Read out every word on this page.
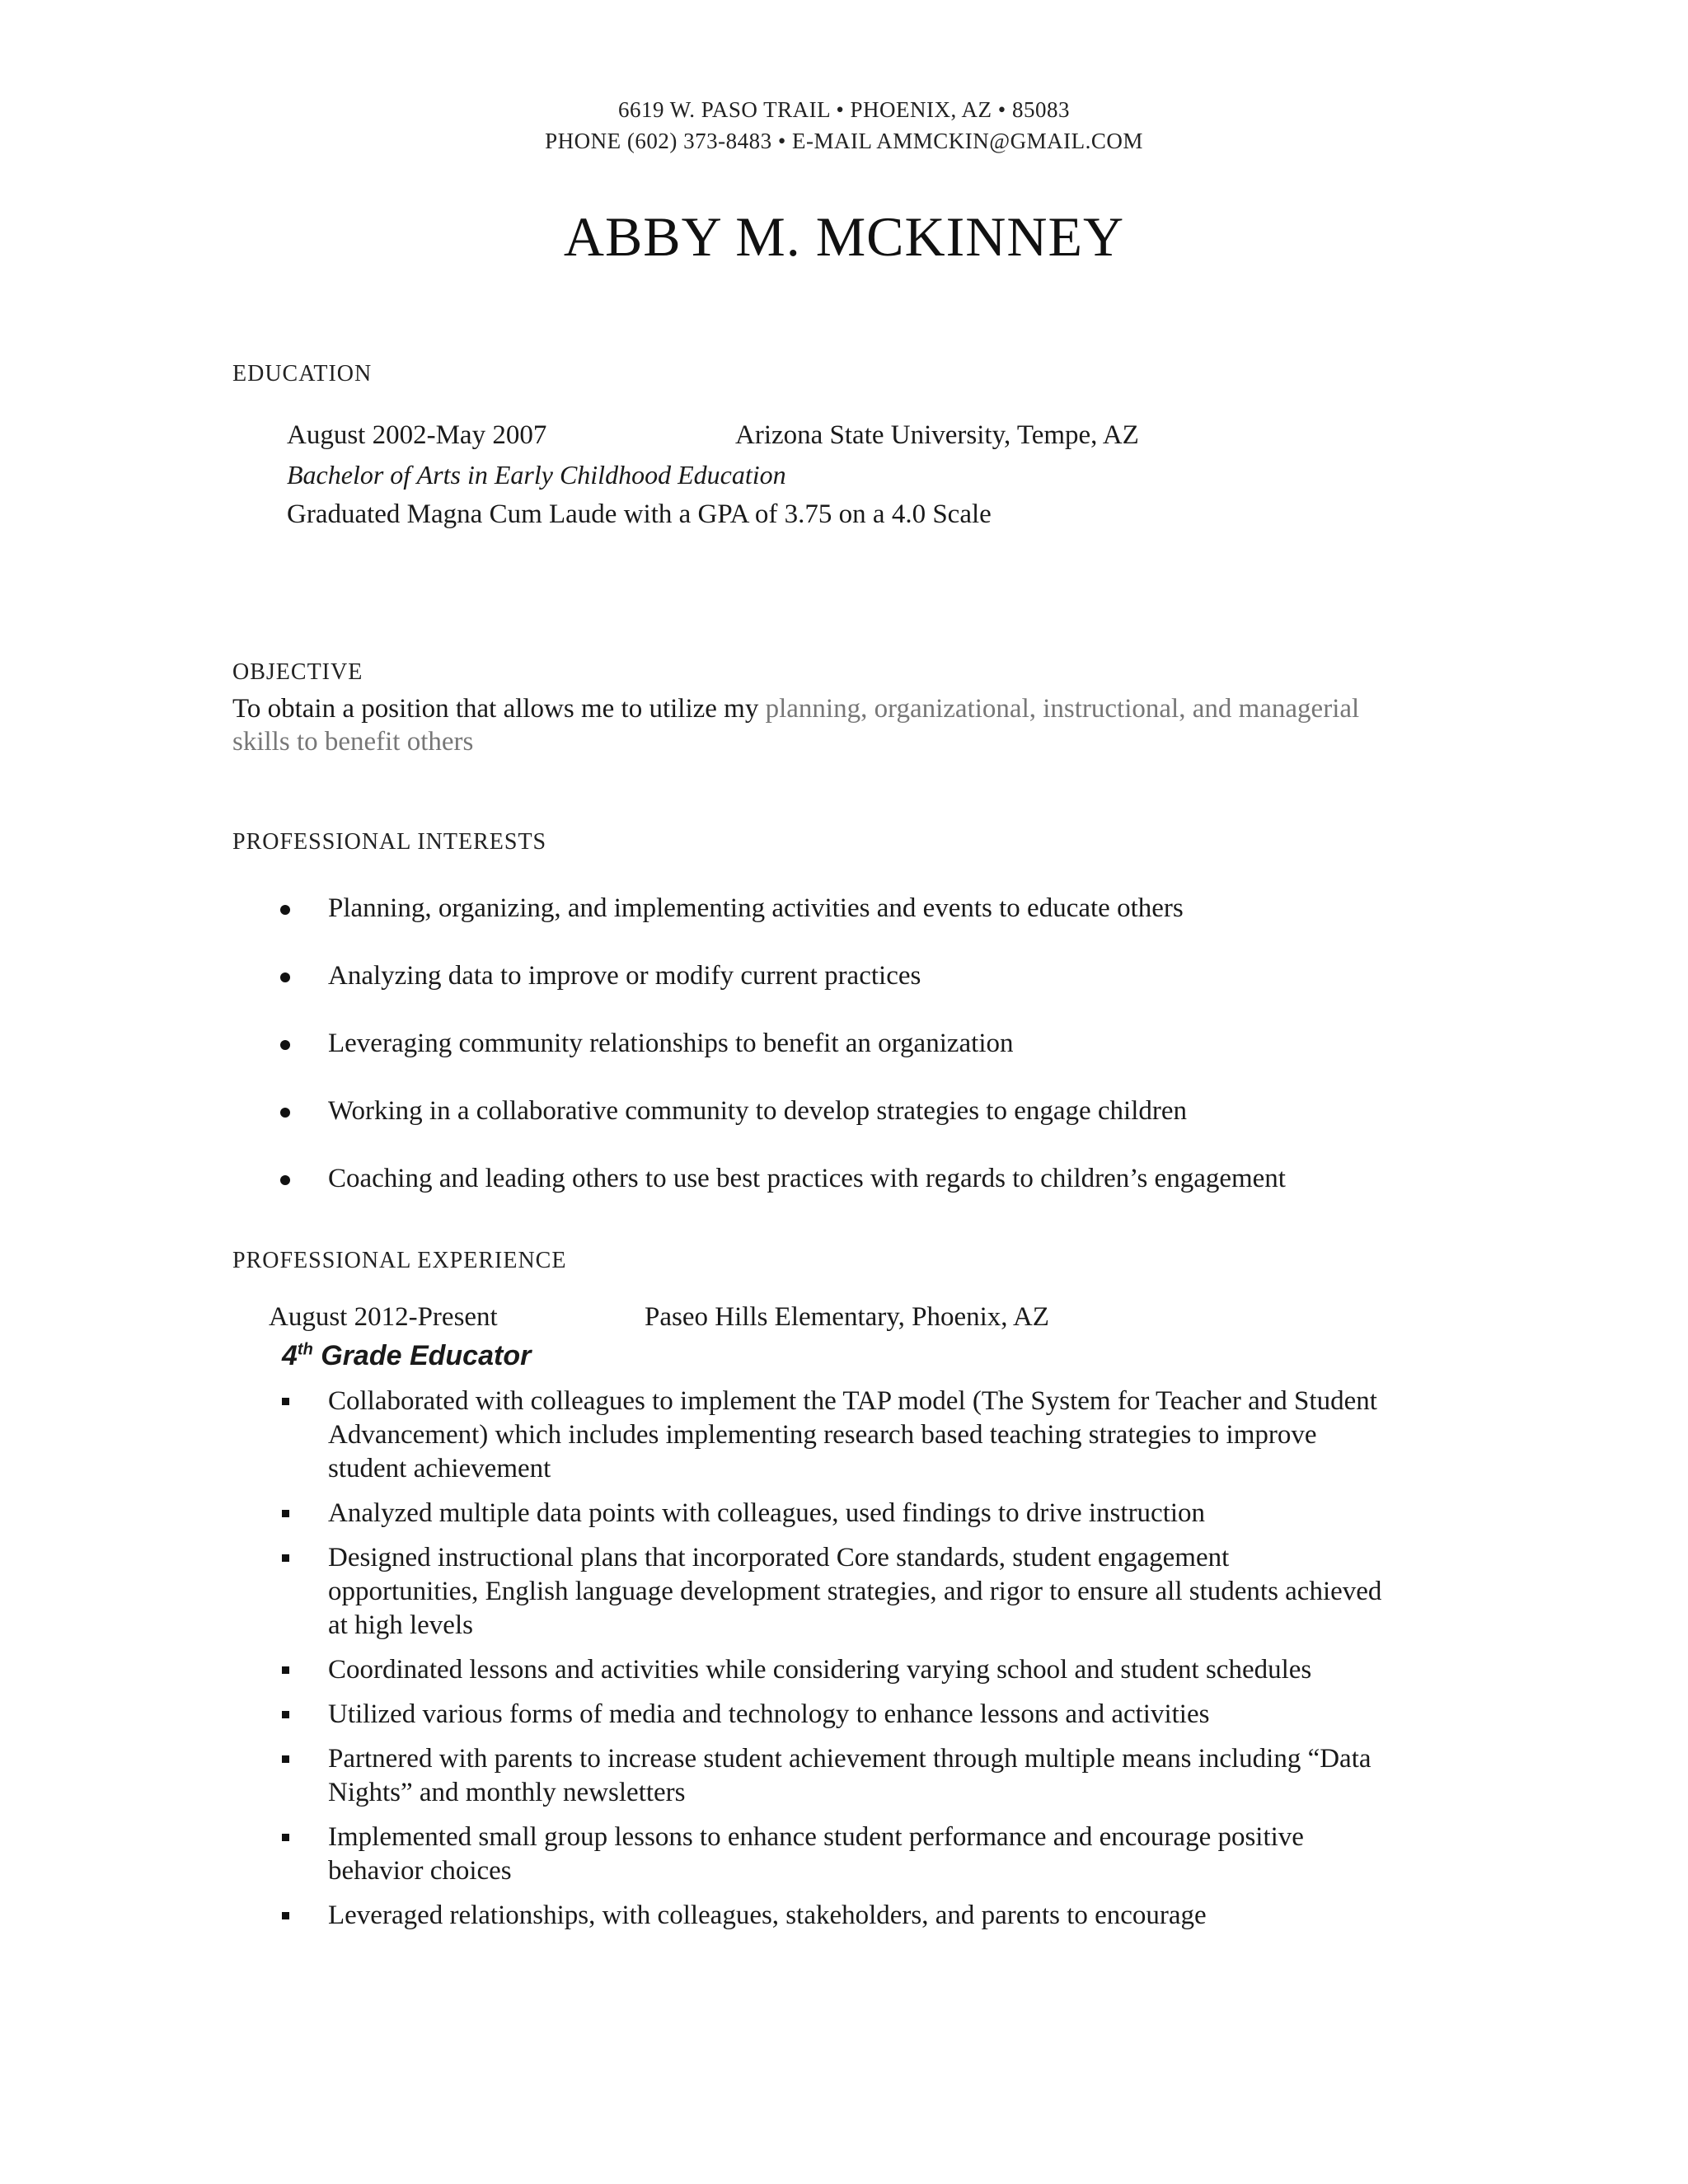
6619 W. PASO TRAIL • PHOENIX, AZ • 85083
PHONE (602) 373-8483 • E-MAIL AMMCKIN@GMAIL.COM
ABBY M. MCKINNEY
EDUCATION
August 2002-May 2007	Arizona State University, Tempe, AZ
Bachelor of Arts in Early Childhood Education
Graduated Magna Cum Laude with a GPA of 3.75 on a 4.0 Scale
OBJECTIVE
To obtain a position that allows me to utilize my planning, organizational, instructional, and managerial skills to benefit others
PROFESSIONAL INTERESTS
Planning, organizing, and implementing activities and events to educate others
Analyzing data to improve or modify current practices
Leveraging community relationships to benefit an organization
Working in a collaborative community to develop strategies to engage children
Coaching and leading others to use best practices with regards to children’s engagement
PROFESSIONAL EXPERIENCE
August 2012-Present	Paseo Hills Elementary, Phoenix, AZ
4th Grade Educator
Collaborated with colleagues to implement the TAP model (The System for Teacher and Student Advancement) which includes implementing research based teaching strategies to improve student achievement
Analyzed multiple data points with colleagues, used findings to drive instruction
Designed instructional plans that incorporated Core standards, student engagement opportunities, English language development strategies, and rigor to ensure all students achieved at high levels
Coordinated lessons and activities while considering varying school and student schedules
Utilized various forms of media and technology to enhance lessons and activities
Partnered with parents to increase student achievement through multiple means including “Data Nights” and monthly newsletters
Implemented small group lessons to enhance student performance and encourage positive behavior choices
Leveraged relationships, with colleagues, stakeholders, and parents to encourage
